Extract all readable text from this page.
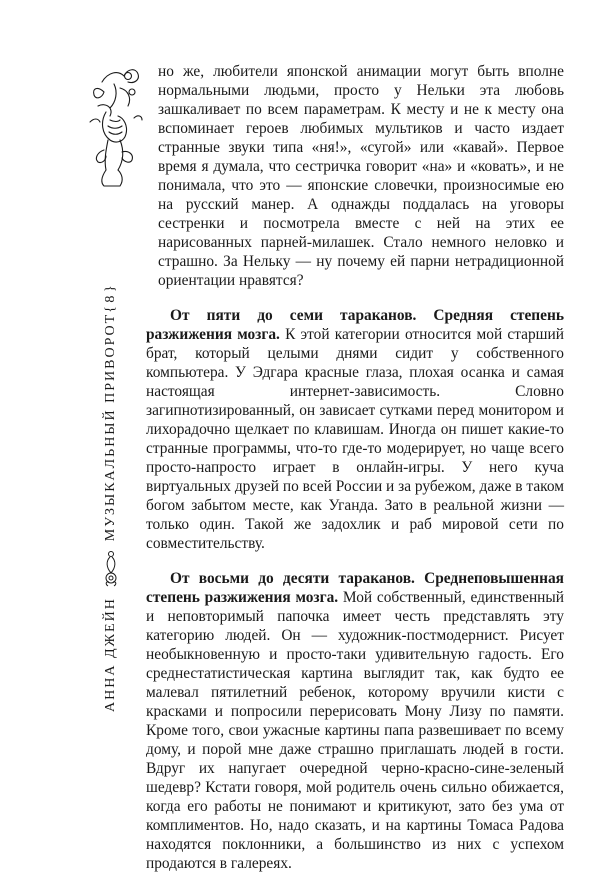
АННА ДЖЕЙН
МУЗЫКАЛЬНЫЙ ПРИВОРОТ
{ 8 }

но же, любители японской анимации могут быть вполне нормальными людьми, просто у Нельки эта любовь зашкаливает по всем параметрам. К месту и не к месту она вспоминает героев любимых мультиков и часто издает странные звуки типа «ня!», «сугой» или «кавай». Первое время я думала, что сестричка говорит «на» и «ковать», и не понимала, что это — японские словечки, произносимые ею на русский манер. А однажды поддалась на уговоры сестренки и посмотрела вместе с ней на этих ее нарисованных парней-милашек. Стало немного неловко и страшно. За Нельку — ну почему ей парни нетрадиционной ориентации нравятся?

От пяти до семи тараканов. Средняя степень разжижения мозга. К этой категории относится мой старший брат, который целыми днями сидит у собственного компьютера. У Эдгара красные глаза, плохая осанка и самая настоящая интернет-зависимость. Словно загипнотизированный, он зависает сутками перед монитором и лихорадочно щелкает по клавишам. Иногда он пишет какие-то странные программы, что-то где-то модерирует, но чаще всего просто-напросто играет в онлайн-игры. У него куча виртуальных друзей по всей России и за рубежом, даже в таком богом забытом месте, как Уганда. Зато в реальной жизни — только один. Такой же задохлик и раб мировой сети по совместительству.

От восьми до десяти тараканов. Среднеповышенная степень разжижения мозга. Мой собственный, единственный и неповторимый папочка имеет честь представлять эту категорию людей. Он — художник-постмодернист. Рисует необыкновенную и просто-таки удивительную гадость. Его среднестатистическая картина выглядит так, как будто ее малевал пятилетний ребенок, которому вручили кисти с красками и попросили перерисовать Мону Лизу по памяти. Кроме того, свои ужасные картины папа развешивает по всему дому, и порой мне даже страшно приглашать людей в гости. Вдруг их напугает очередной черно-красно-сине-зеленый шедевр? Кстати говоря, мой родитель очень сильно обижается, когда его работы не понимают и критикуют, зато без ума от комплиментов. Но, надо сказать, и на картины Томаса Радова находятся поклонники, а большинство из них с успехом продаются в галереях.
